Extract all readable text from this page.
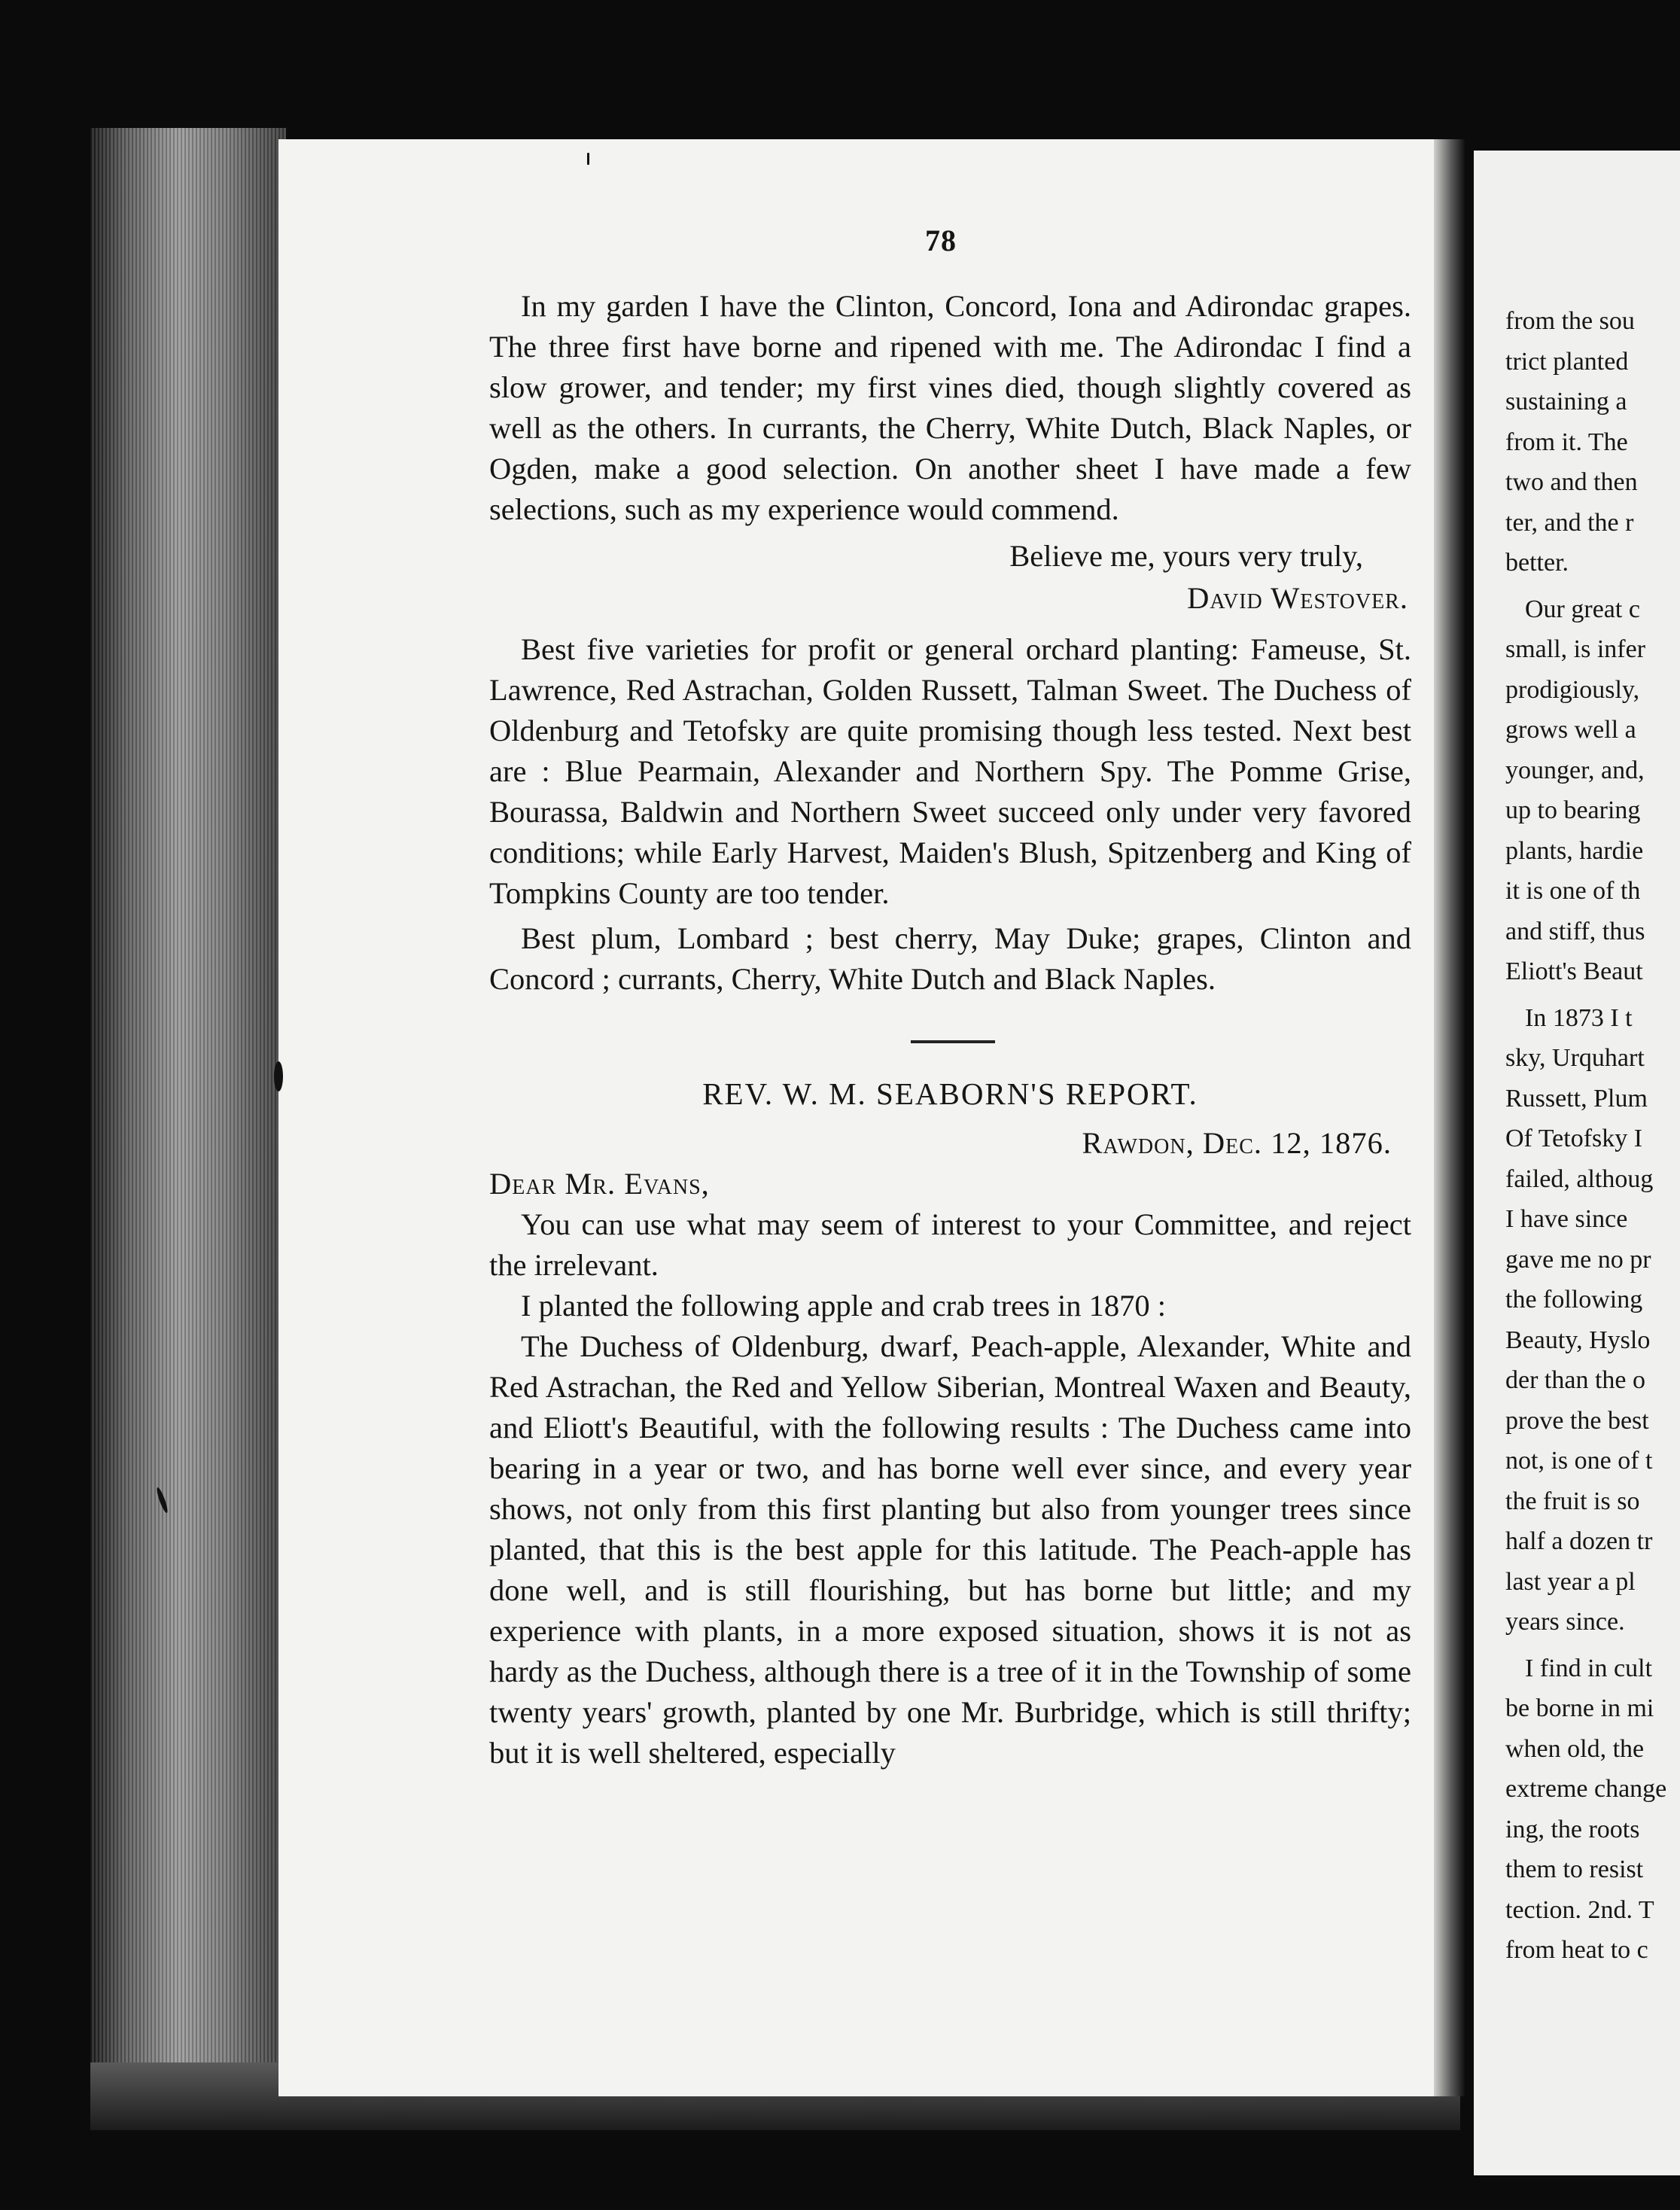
78

In my garden I have the Clinton, Concord, Iona and Adirondac grapes. The three first have borne and ripened with me. The Adirondac I find a slow grower, and tender; my first vines died, though slightly covered as well as the others. In currants, the Cherry, White Dutch, Black Naples, or Ogden, make a good selection. On another sheet I have made a few selections, such as my experience would commend.

Believe me, yours very truly,

David Westover.

Best five varieties for profit or general orchard planting: Fameuse, St. Lawrence, Red Astrachan, Golden Russett, Talman Sweet. The Duchess of Oldenburg and Tetofsky are quite promising though less tested. Next best are : Blue Pearmain, Alexander and Northern Spy. The Pomme Grise, Bourassa, Baldwin and Northern Sweet succeed only under very favored conditions; while Early Harvest, Maiden's Blush, Spitzenberg and King of Tompkins County are too tender.

Best plum, Lombard ; best cherry, May Duke; grapes, Clinton and Concord ; currants, Cherry, White Dutch and Black Naples.

REV. W. M. SEABORN'S REPORT.

Rawdon, Dec. 12, 1876.

Dear Mr. Evans,

You can use what may seem of interest to your Committee, and reject the irrelevant.

I planted the following apple and crab trees in 1870 :

The Duchess of Oldenburg, dwarf, Peach-apple, Alexander, White and Red Astrachan, the Red and Yellow Siberian, Montreal Waxen and Beauty, and Eliott's Beautiful, with the following results : The Duchess came into bearing in a year or two, and has borne well ever since, and every year shows, not only from this first planting but also from younger trees since planted, that this is the best apple for this latitude. The Peach-apple has done well, and is still flourishing, but has borne but little; and my experience with plants, in a more exposed situation, shows it is not as hardy as the Duchess, although there is a tree of it in the Township of some twenty years' growth, planted by one Mr. Burbridge, which is still thrifty; but it is well sheltered, especially

from the sou
trict planted
sustaining a
from it. The
two and then
ter, and the r
better.
Our great c
small, is infer
prodigiously,
grows well a
younger, and,
up to bearing
plants, hardie
it is one of th
and stiff, thus
Eliott's Beaut
In 1873 I t
sky, Urquhart
Russett, Plum
Of Tetofsky I
failed, althoug
I have since
gave me no pr
the following
Beauty, Hyslo
der than the o
prove the best
not, is one of t
the fruit is so
half a dozen tr
last year a pl
years since.
I find in cult
be borne in mi
when old, the
extreme change
ing, the roots
them to resist
tection. 2nd. T
from heat to c
